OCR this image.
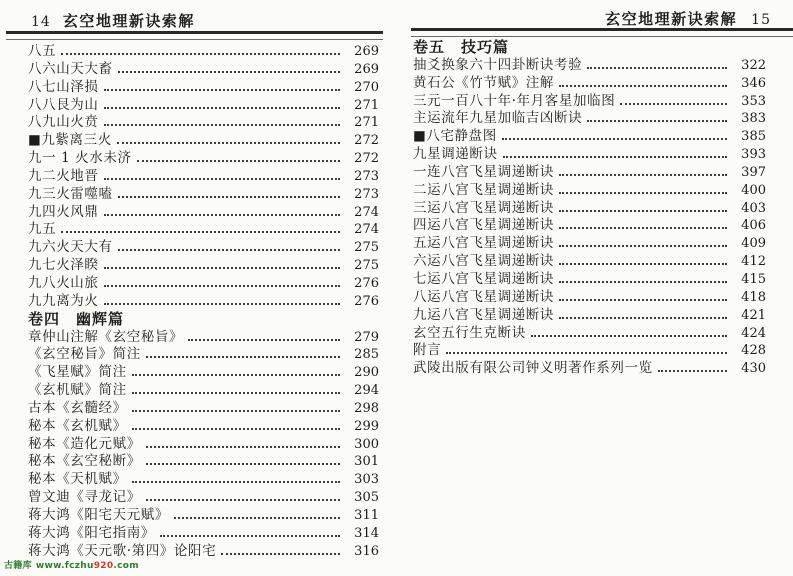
14 玄空地理新诀索解
八五	269
八六山天大畜	269
八七山泽损	270
八八艮为山	271
八九山火贲	271
■九紫离三火	272
九一 1 火水未济	272
九二火地晋	273
九三火雷噬嗑	273
九四火风鼎	274
九五	274
九六火天大有	275
九七火泽睽	275
九八火山旅	276
九九离为火	276
卷四　幽辉篇
章仲山注解《玄空秘旨》	279
《玄空秘旨》简注	285
《飞星赋》简注	290
《玄机赋》简注	294
古本《玄髓经》	298
秘本《玄机赋》	299
秘本《造化元赋》	300
秘本《玄空秘断》	301
秘本《天机赋》	303
曾文迪《寻龙记》	305
蒋大鸿《阳宅天元赋》	311
蒋大鸿《阳宅指南》	314
蒋大鸿《天元歌·第四》论阳宅	316
玄空地理新诀索解 15
卷五　技巧篇
抽爻换象六十四卦断诀考验	322
黄石公《竹节赋》注解	346
三元一百八十年·年月客星加临图	353
主运流年九星加临吉凶断诀	383
■八宅静盘图	385
九星调递断诀	393
一连八宫飞星调递断诀	397
二运八宫飞星调递断诀	400
三运八宫飞星调递断诀	403
四运八宫飞星调递断诀	406
五运八宫飞星调递断诀	409
六运八宫飞星调递断诀	412
七运八宫飞星调递断诀	415
八运八宫飞星调递断诀	418
九运八宫飞星调递断诀	421
玄空五行生克断诀	424
附言	428
武陵出版有限公司钟义明著作系列一览	430
古籍库 www.fczhu920.com
